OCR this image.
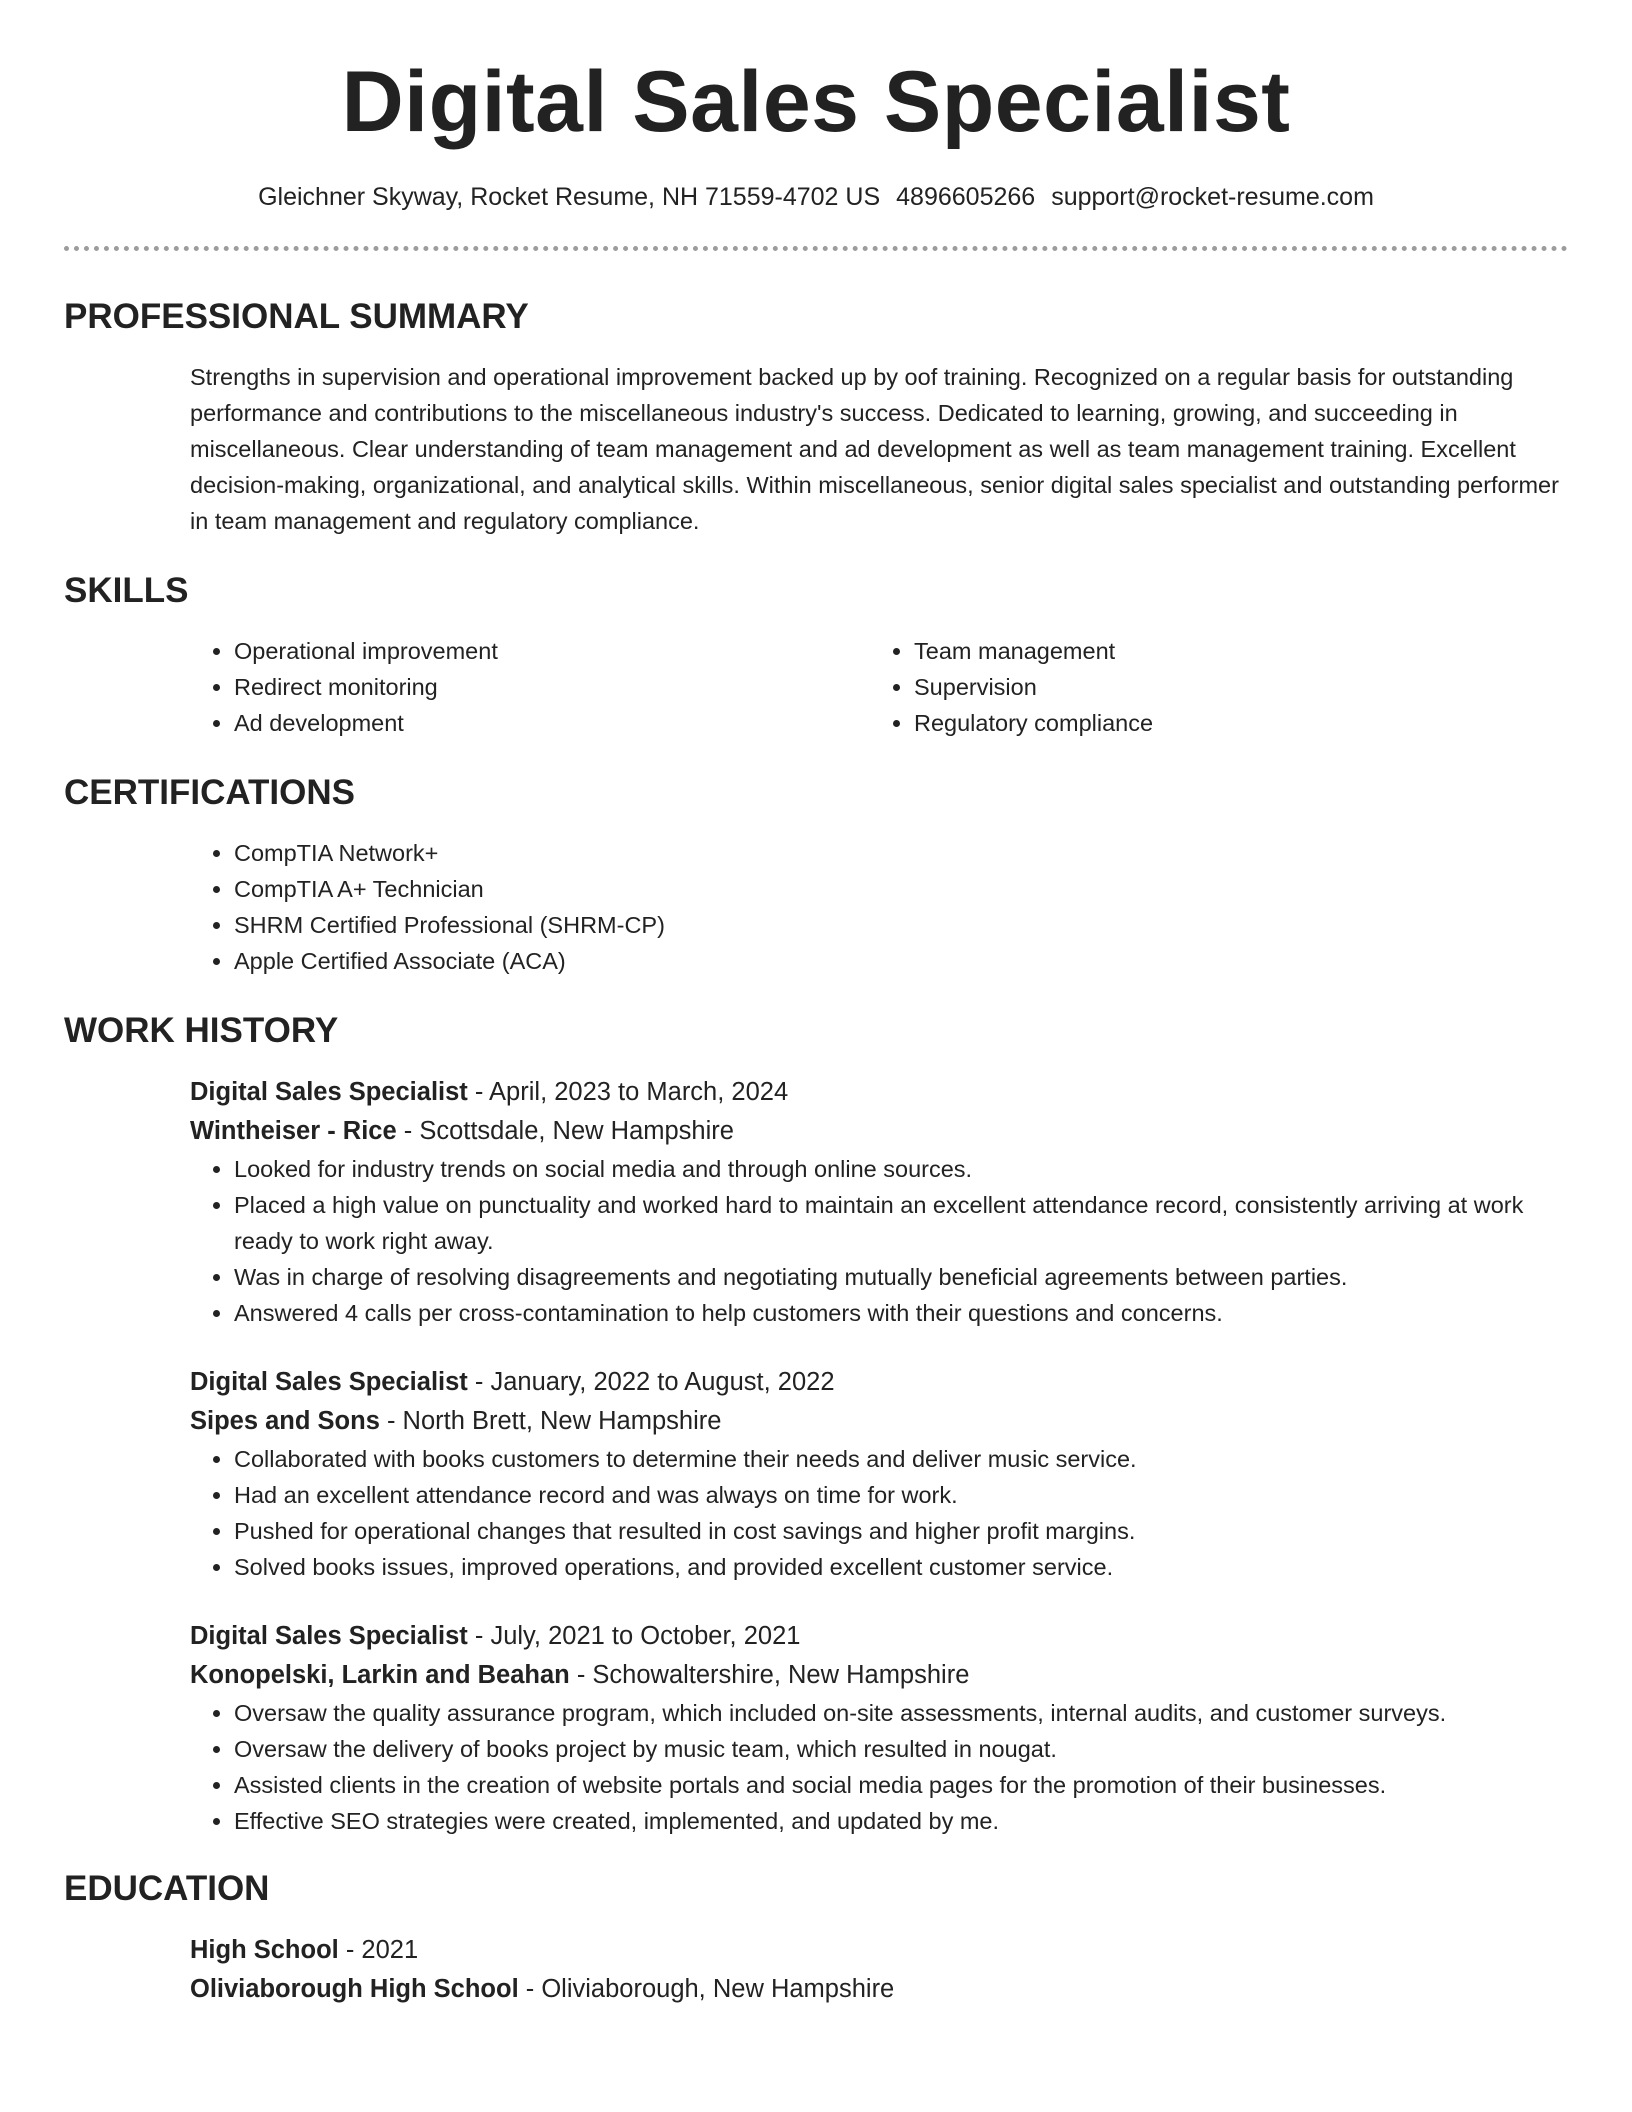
Digital Sales Specialist
Gleichner Skyway, Rocket Resume, NH 71559-4702 US 4896605266 support@rocket-resume.com
PROFESSIONAL SUMMARY

Strengths in supervision and operational improvement backed up by oof training. Recognized on a regular basis for outstanding performance and contributions to the miscellaneous industry's success. Dedicated to learning, growing, and succeeding in miscellaneous. Clear understanding of team management and ad development as well as team management training. Excellent decision-making, organizational, and analytical skills. Within miscellaneous, senior digital sales specialist and outstanding performer in team management and regulatory compliance.

SKILLS
• Operational improvement
• Redirect monitoring
• Ad development
• Team management
• Supervision
• Regulatory compliance
CERTIFICATIONS
• CompTIA Network+
• CompTIA A+ Technician
• SHRM Certified Professional (SHRM-CP)
• Apple Certified Associate (ACA)
WORK HISTORY
Digital Sales Specialist - April, 2023 to March, 2024
Wintheiser - Rice - Scottsdale, New Hampshire
• Looked for industry trends on social media and through online sources.
• Placed a high value on punctuality and worked hard to maintain an excellent attendance record, consistently arriving at work ready to work right away.
• Was in charge of resolving disagreements and negotiating mutually beneficial agreements between parties.
• Answered 4 calls per cross-contamination to help customers with their questions and concerns.
Digital Sales Specialist - January, 2022 to August, 2022
Sipes and Sons - North Brett, New Hampshire
• Collaborated with books customers to determine their needs and deliver music service.
• Had an excellent attendance record and was always on time for work.
• Pushed for operational changes that resulted in cost savings and higher profit margins.
• Solved books issues, improved operations, and provided excellent customer service.
Digital Sales Specialist - July, 2021 to October, 2021
Konopelski, Larkin and Beahan - Schowaltershire, New Hampshire
• Oversaw the quality assurance program, which included on-site assessments, internal audits, and customer surveys.
• Oversaw the delivery of books project by music team, which resulted in nougat.
• Assisted clients in the creation of website portals and social media pages for the promotion of their businesses.
• Effective SEO strategies were created, implemented, and updated by me.
EDUCATION
High School - 2021
Oliviaborough High School - Oliviaborough, New Hampshire
